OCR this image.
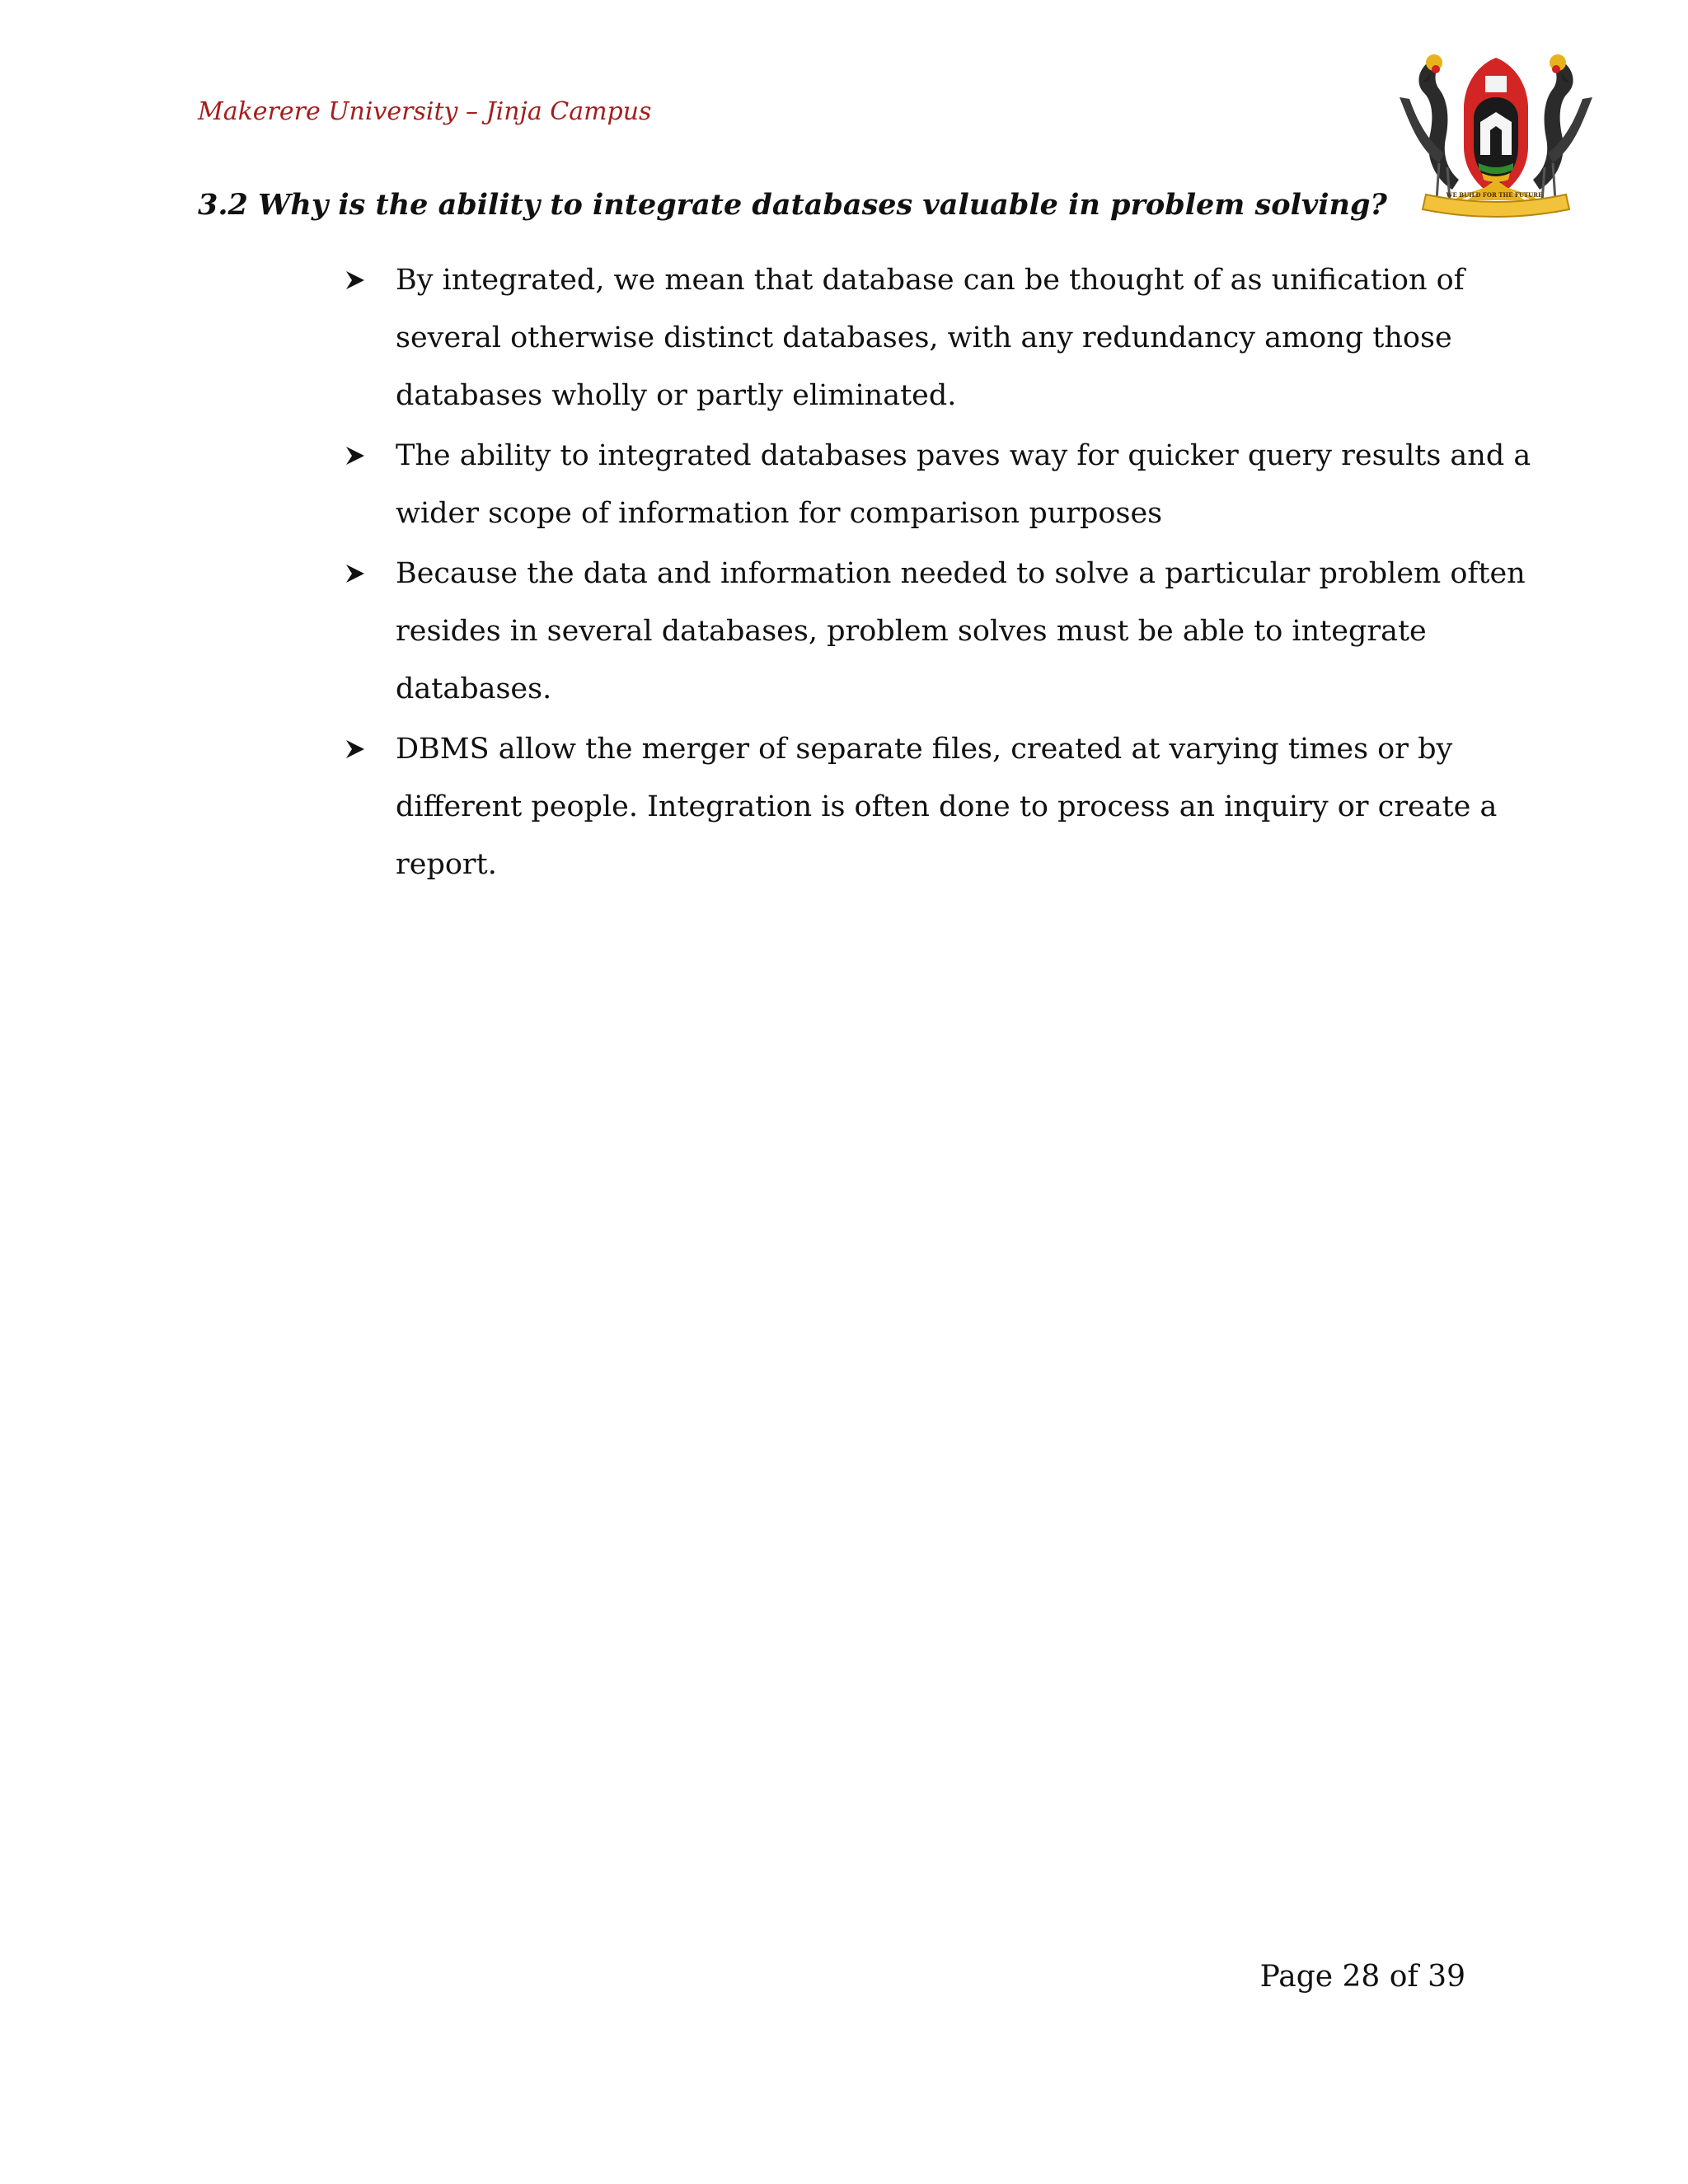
Makerere University – Jinja Campus
WE BUILD FOR THE FUTURE
3.2 Why is the ability to integrate databases valuable in problem solving?
By integrated, we mean that database can be thought of as unification of
several otherwise distinct databases, with any redundancy among those
databases wholly or partly eliminated.
The ability to integrated databases paves way for quicker query results and a
wider scope of information for comparison purposes
Because the data and information needed to solve a particular problem often
resides in several databases, problem solves must be able to integrate
databases.
DBMS allow the merger of separate files, created at varying times or by
different people. Integration is often done to process an inquiry or create a
report.
Page 28 of 39
